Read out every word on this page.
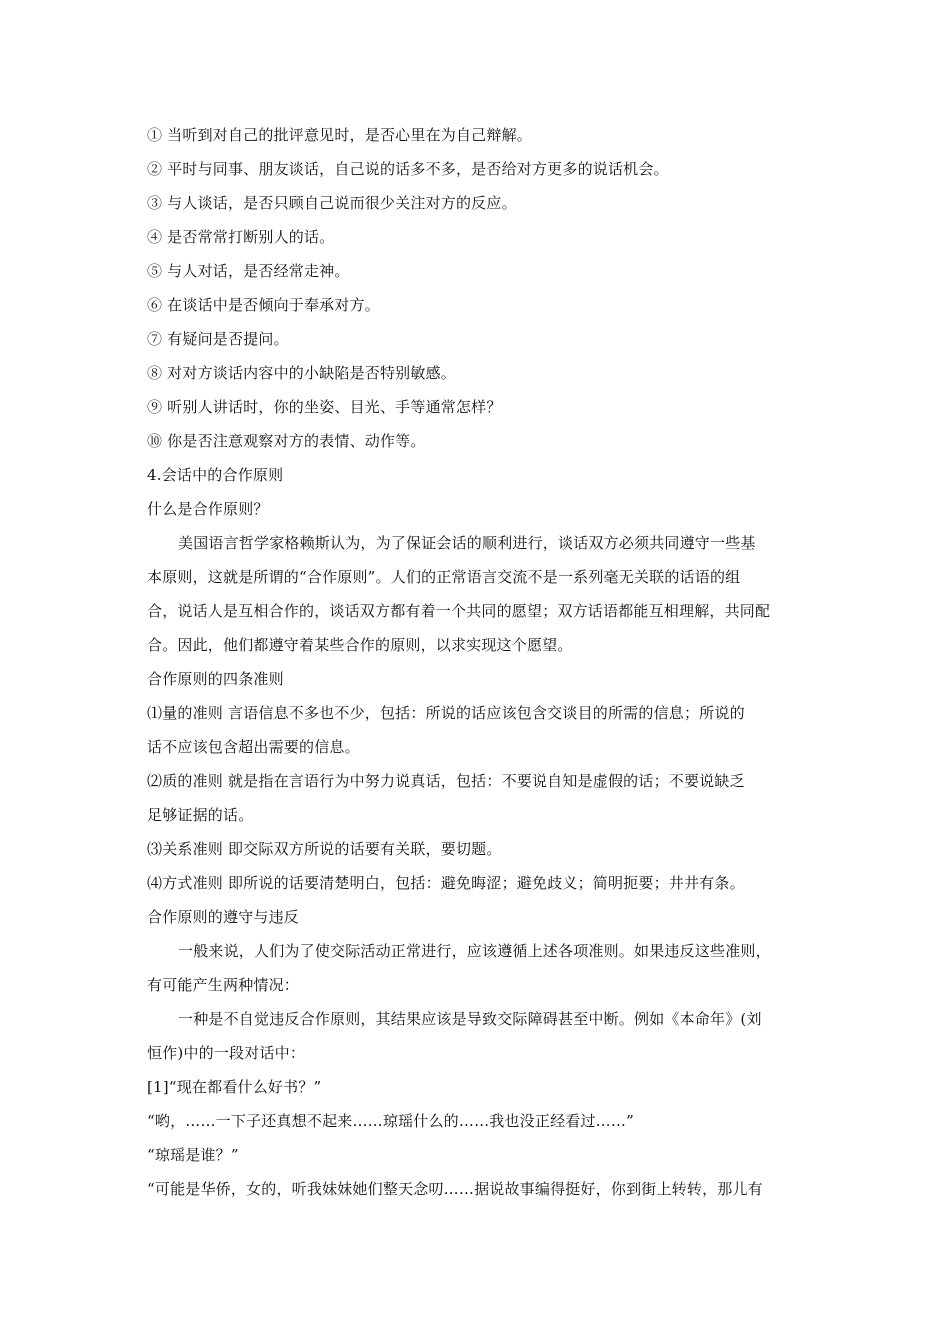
① 当听到对自己的批评意见时，是否心里在为自己辩解。
② 平时与同事、朋友谈话，自己说的话多不多，是否给对方更多的说话机会。
③ 与人谈话，是否只顾自己说而很少关注对方的反应。
④ 是否常常打断别人的话。
⑤ 与人对话，是否经常走神。
⑥ 在谈话中是否倾向于奉承对方。
⑦ 有疑问是否提问。
⑧ 对对方谈话内容中的小缺陷是否特别敏感。
⑨ 听别人讲话时，你的坐姿、目光、手等通常怎样？
⑩ 你是否注意观察对方的表情、动作等。
4.会话中的合作原则
什么是合作原则？
美国语言哲学家格赖斯认为，为了保证会话的顺利进行，谈话双方必须共同遵守一些基
本原则，这就是所谓的“合作原则”。人们的正常语言交流不是一系列毫无关联的话语的组
合，说话人是互相合作的，谈话双方都有着一个共同的愿望；双方话语都能互相理解，共同配
合。因此，他们都遵守着某些合作的原则，以求实现这个愿望。
合作原则的四条准则
⑴量的准则 言语信息不多也不少，包括：所说的话应该包含交谈目的所需的信息；所说的
话不应该包含超出需要的信息。
⑵质的准则 就是指在言语行为中努力说真话，包括：不要说自知是虚假的话；不要说缺乏
足够证据的话。
⑶关系准则 即交际双方所说的话要有关联，要切题。
⑷方式准则 即所说的话要清楚明白，包括：避免晦涩；避免歧义；简明扼要；井井有条。
合作原则的遵守与违反
一般来说，人们为了使交际活动正常进行，应该遵循上述各项准则。如果违反这些准则，
有可能产生两种情况：
一种是不自觉违反合作原则，其结果应该是导致交际障碍甚至中断。例如《本命年》(刘
恒作)中的一段对话中：
[1]“现在都看什么好书？”
“哟，……一下子还真想不起来……琼瑶什么的……我也没正经看过……”
“琼瑶是谁？”
“可能是华侨，女的，听我妹妹她们整天念叨……据说故事编得挺好，你到街上转转，那儿有
